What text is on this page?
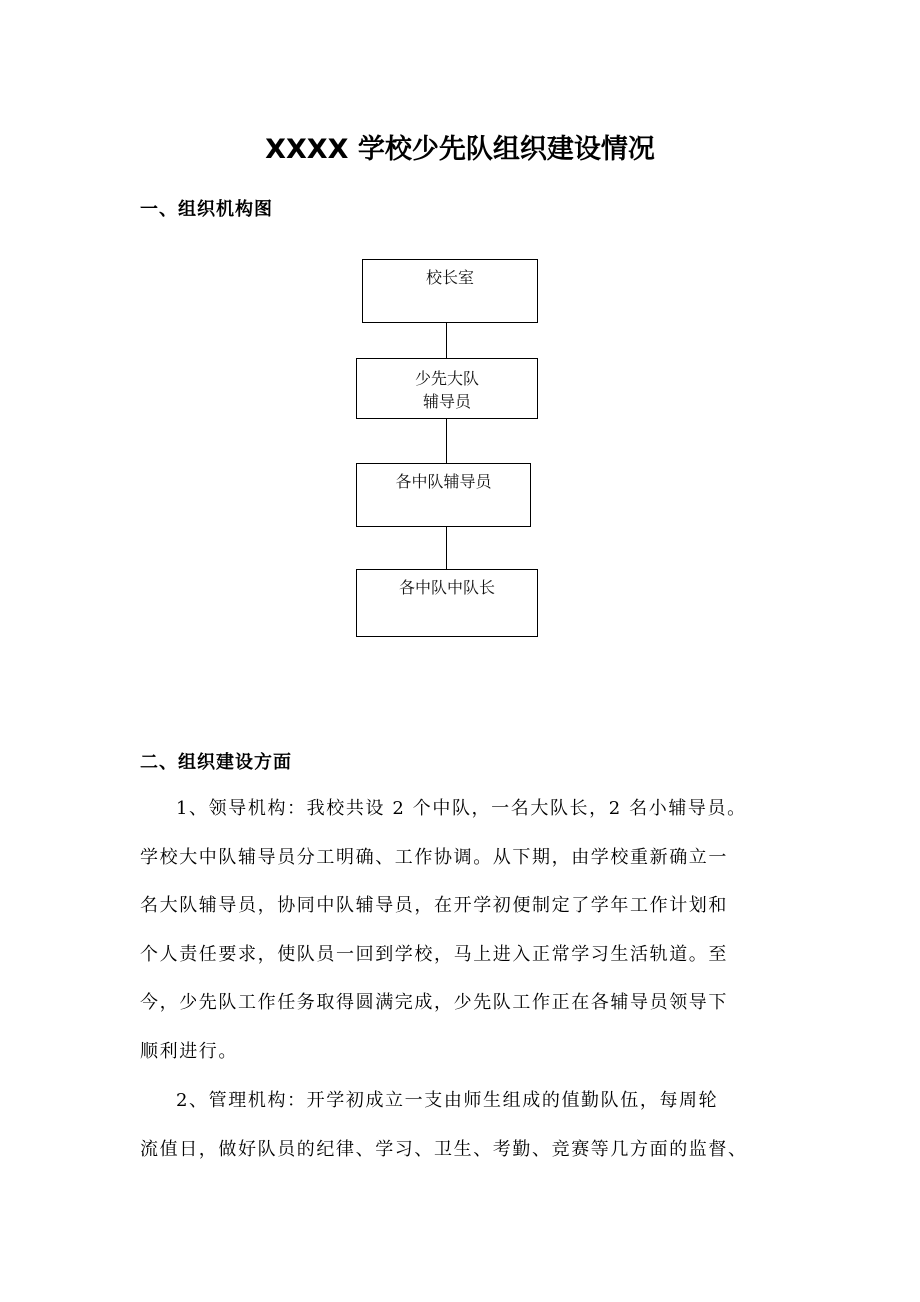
XXXX 学校少先队组织建设情况
一、组织机构图
校长室
少先大队
辅导员
各中队辅导员
各中队中队长
二、组织建设方面
1、领导机构：我校共设 2 个中队，一名大队长，2 名小辅导员。
学校大中队辅导员分工明确、工作协调。从下期，由学校重新确立一
名大队辅导员，协同中队辅导员，在开学初便制定了学年工作计划和
个人责任要求，使队员一回到学校，马上进入正常学习生活轨道。至
今，少先队工作任务取得圆满完成，少先队工作正在各辅导员领导下
顺利进行。
2、管理机构：开学初成立一支由师生组成的值勤队伍，每周轮
流值日，做好队员的纪律、学习、卫生、考勤、竞赛等几方面的监督、
